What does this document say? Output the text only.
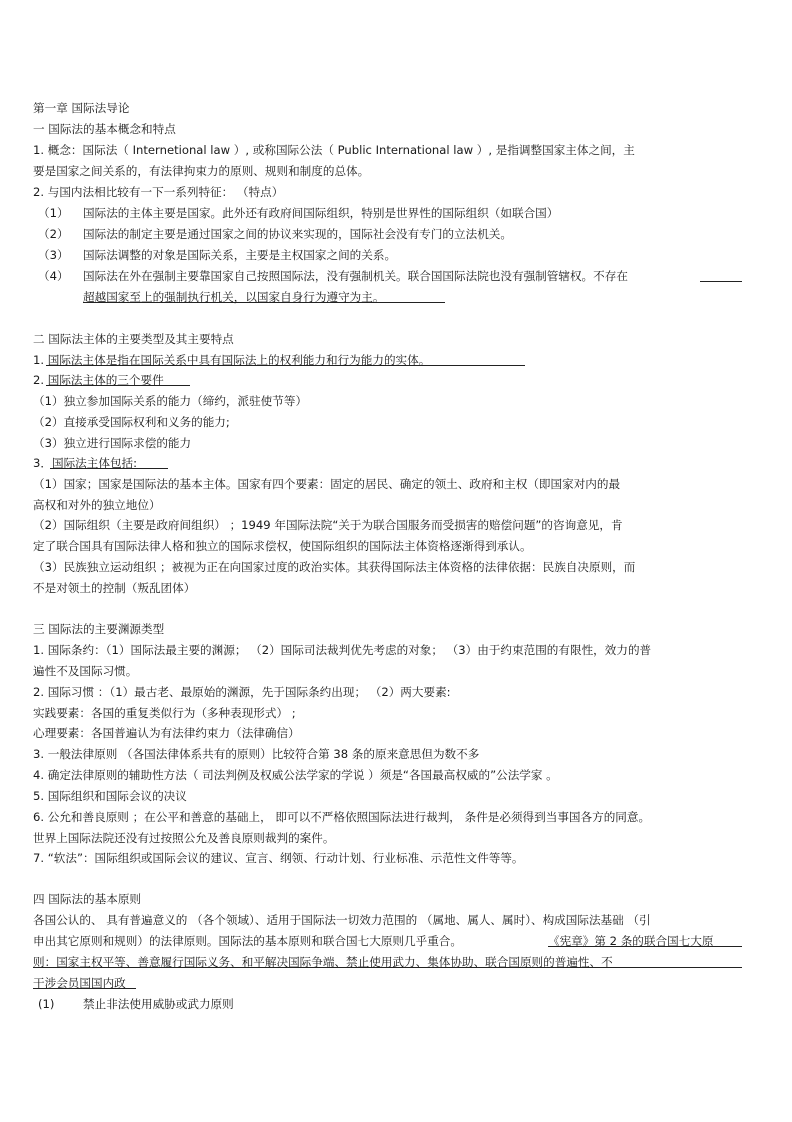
第一章 国际法导论
一 国际法的基本概念和特点
1. 概念：国际法（ Internetional law ）, 或称国际公法（ Public International law ）, 是指调整国家主体之间，主
要是国家之间关系的，有法律拘束力的原则、规则和制度的总体。
2. 与国内法相比较有一下一系列特征： （特点）
（1） 国际法的主体主要是国家。此外还有政府间国际组织，特别是世界性的国际组织（如联合国）
（2） 国际法的制定主要是通过国家之间的协议来实现的，国际社会没有专门的立法机关。
（3） 国际法调整的对象是国际关系，主要是主权国家之间的关系。
（4） 国际法在外在强制主要靠国家自己按照国际法，没有强制机关。联合国国际法院也没有强制管辖权。不存在
超越国家至上的强制执行机关，以国家自身行为遵守为主。
二 国际法主体的主要类型及其主要特点
1. 国际法主体是指在国际关系中具有国际法上的权利能力和行为能力的实体。
2. 国际法主体的三个要件
（1）独立参加国际关系的能力（缔约，派驻使节等）
（2）直接承受国际权利和义务的能力;
（3）独立进行国际求偿的能力
3．国际法主体包括:
（1）国家；国家是国际法的基本主体。国家有四个要素：固定的居民、确定的领土、政府和主权（即国家对内的最
高权和对外的独立地位）
（2）国际组织（主要是政府间组织） ；1949 年国际法院“关于为联合国服务而受损害的赔偿问题”的咨询意见，肯
定了联合国具有国际法律人格和独立的国际求偿权，使国际组织的国际法主体资格逐渐得到承认。
（3）民族独立运动组织 ；被视为正在向国家过度的政治实体。其获得国际法主体资格的法律依据：民族自决原则，而
不是对领土的控制（叛乱团体）
三 国际法的主要渊源类型
1. 国际条约：（1）国际法最主要的渊源； （2）国际司法裁判优先考虑的对象； （3）由于约束范围的有限性，效力的普
遍性不及国际习惯。
2. 国际习惯 ：（1）最古老、最原始的渊源，先于国际条约出现； （2）两大要素:
实践要素：各国的重复类似行为（多种表现形式） ;
心理要素：各国普遍认为有法律约束力（法律确信）
3. 一般法律原则 （各国法律体系共有的原则）比较符合第 38 条的原来意思但为数不多
4. 确定法律原则的辅助性方法（ 司法判例及权威公法学家的学说 ）须是“各国最高权威的”公法学家 。
5. 国际组织和国际会议的决议
6. 公允和善良原则 ；在公平和善意的基础上， 即可以不严格依照国际法进行裁判， 条件是必须得到当事国各方的同意。
世界上国际法院还没有过按照公允及善良原则裁判的案件。
7. “软法”：国际组织或国际会议的建议、宣言、纲领、行动计划、行业标准、示范性文件等等。
四 国际法的基本原则
各国公认的、 具有普遍意义的 （各个领域）、适用于国际法一切效力范围的 （属地、属人、属时）、构成国际法基础 （引
申出其它原则和规则）的法律原则。国际法的基本原则和联合国七大原则几乎重合。	《宪章》第 2 条的联合国七大原
则：国家主权平等、善意履行国际义务、和平解决国际争端、禁止使用武力、集体协助、联合国原则的普遍性、不
干涉会员国国内政
(1) 禁止非法使用威胁或武力原则
